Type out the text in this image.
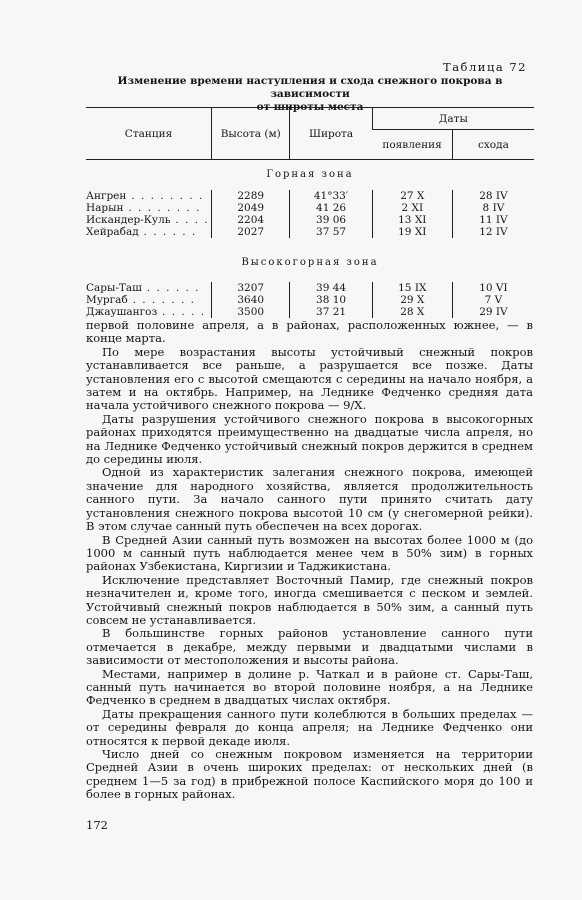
Таблица 72
Изменение времени наступления и схода снежного покрова в зависимости
от широты места
Станция	Высота (м)	Широта	Даты	
			появления	схода
Горная зона				
Ангрен . . . . . . . .	2289	41°33′	27 X	28 IV
Нарын . . . . . . . .	2049	41 26	2 XI	8 IV
Искандер-Куль . . . .	2204	39 06	13 XI	11 IV
Хейрабад . . . . . .	2027	37 57	19 XI	12 IV
Высокогорная зона				
Сары-Таш . . . . . .	3207	39 44	15 IX	10 VI
Мургаб . . . . . . .	3640	38 10	29 X	7 V
Джаушангоз . . . . .	3500	37 21	28 X	29 IV

первой половине апреля, а в районах, расположенных южнее, — в конце марта.

По мере возрастания высоты устойчивый снежный покров устанавливается все раньше, а разрушается все позже. Даты установления его с высотой смещаются с середины на начало ноября, а затем и на октябрь. Например, на Леднике Федченко средняя дата начала устойчивого снежного покрова — 9/X.

Даты разрушения устойчивого снежного покрова в высокогорных районах приходятся преимущественно на двадцатые числа апреля, но на Леднике Федченко устойчивый снежный покров держится в среднем до середины июля.

Одной из характеристик залегания снежного покрова, имеющей значение для народного хозяйства, является продолжительность санного пути. За начало санного пути принято считать дату установления снежного покрова высотой 10 см (у снегомерной рейки). В этом случае санный путь обеспечен на всех дорогах.

В Средней Азии санный путь возможен на высотах более 1000 м (до 1000 м санный путь наблюдается менее чем в 50% зим) в горных районах Узбекистана, Киргизии и Таджикистана.

Исключение представляет Восточный Памир, где снежный покров незначителен и, кроме того, иногда смешивается с песком и землей. Устойчивый снежный покров наблюдается в 50% зим, а санный путь совсем не устанавливается.

В большинстве горных районов установление санного пути отмечается в декабре, между первыми и двадцатыми числами в зависимости от местоположения и высоты района.

Местами, например в долине р. Чаткал и в районе ст. Сары-Таш, санный путь начинается во второй половине ноября, а на Леднике Федченко в среднем в двадцатых числах октября.

Даты прекращения санного пути колеблются в больших пределах — от середины февраля до конца апреля; на Леднике Федченко они относятся к первой декаде июля.

Число дней со снежным покровом изменяется на территории Средней Азии в очень широких пределах: от нескольких дней (в среднем 1—5 за год) в прибрежной полосе Каспийского моря до 100 и более в горных районах.

172
